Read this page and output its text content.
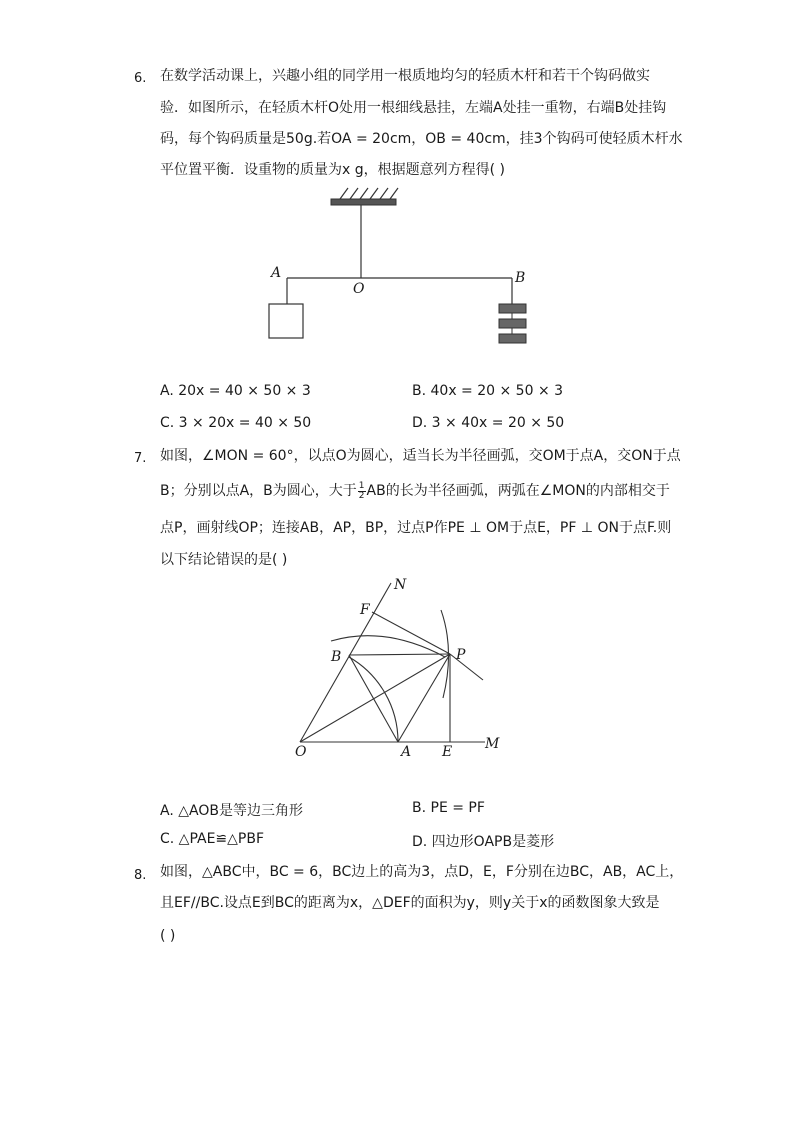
6. 在数学活动课上，兴趣小组的同学用一根质地均匀的轻质木杆和若干个钩码做实
验．如图所示，在轻质木杆O处用一根细线悬挂，左端A处挂一重物，右端B处挂钩
码，每个钩码质量是50g.若OA = 20cm，OB = 40cm，挂3个钩码可使轻质木杆水
平位置平衡．设重物的质量为x g，根据题意列方程得( )
A
O
B
A. 20x = 40 × 50 × 3	B. 40x = 20 × 50 × 3
C. 3 × 20x = 40 × 50	D. 3 × 40x = 20 × 50
7. 如图，∠MON = 60°，以点O为圆心，适当长为半径画弧，交OM于点A，交ON于点
B；分别以点A，B为圆心，大于 $\frac{1}{2}$ AB的长为半径画弧，两弧在∠MON的内部相交于
点P，画射线OP；连接AB，AP，BP，过点P作PE ⊥ OM于点E，PF ⊥ ON于点F.则
以下结论错误的是( )
N
F
B	P
O	A E M
A. △AOB是等边三角形	B. PE = PF
C. △PAE≌△PBF	D. 四边形OAPB是菱形
8. 如图，△ABC中，BC = 6，BC边上的高为3，点D，E，F分别在边BC，AB，AC上，
且EF//BC.设点E到BC的距离为x，△DEF的面积为y，则y关于x的函数图象大致是
( )
